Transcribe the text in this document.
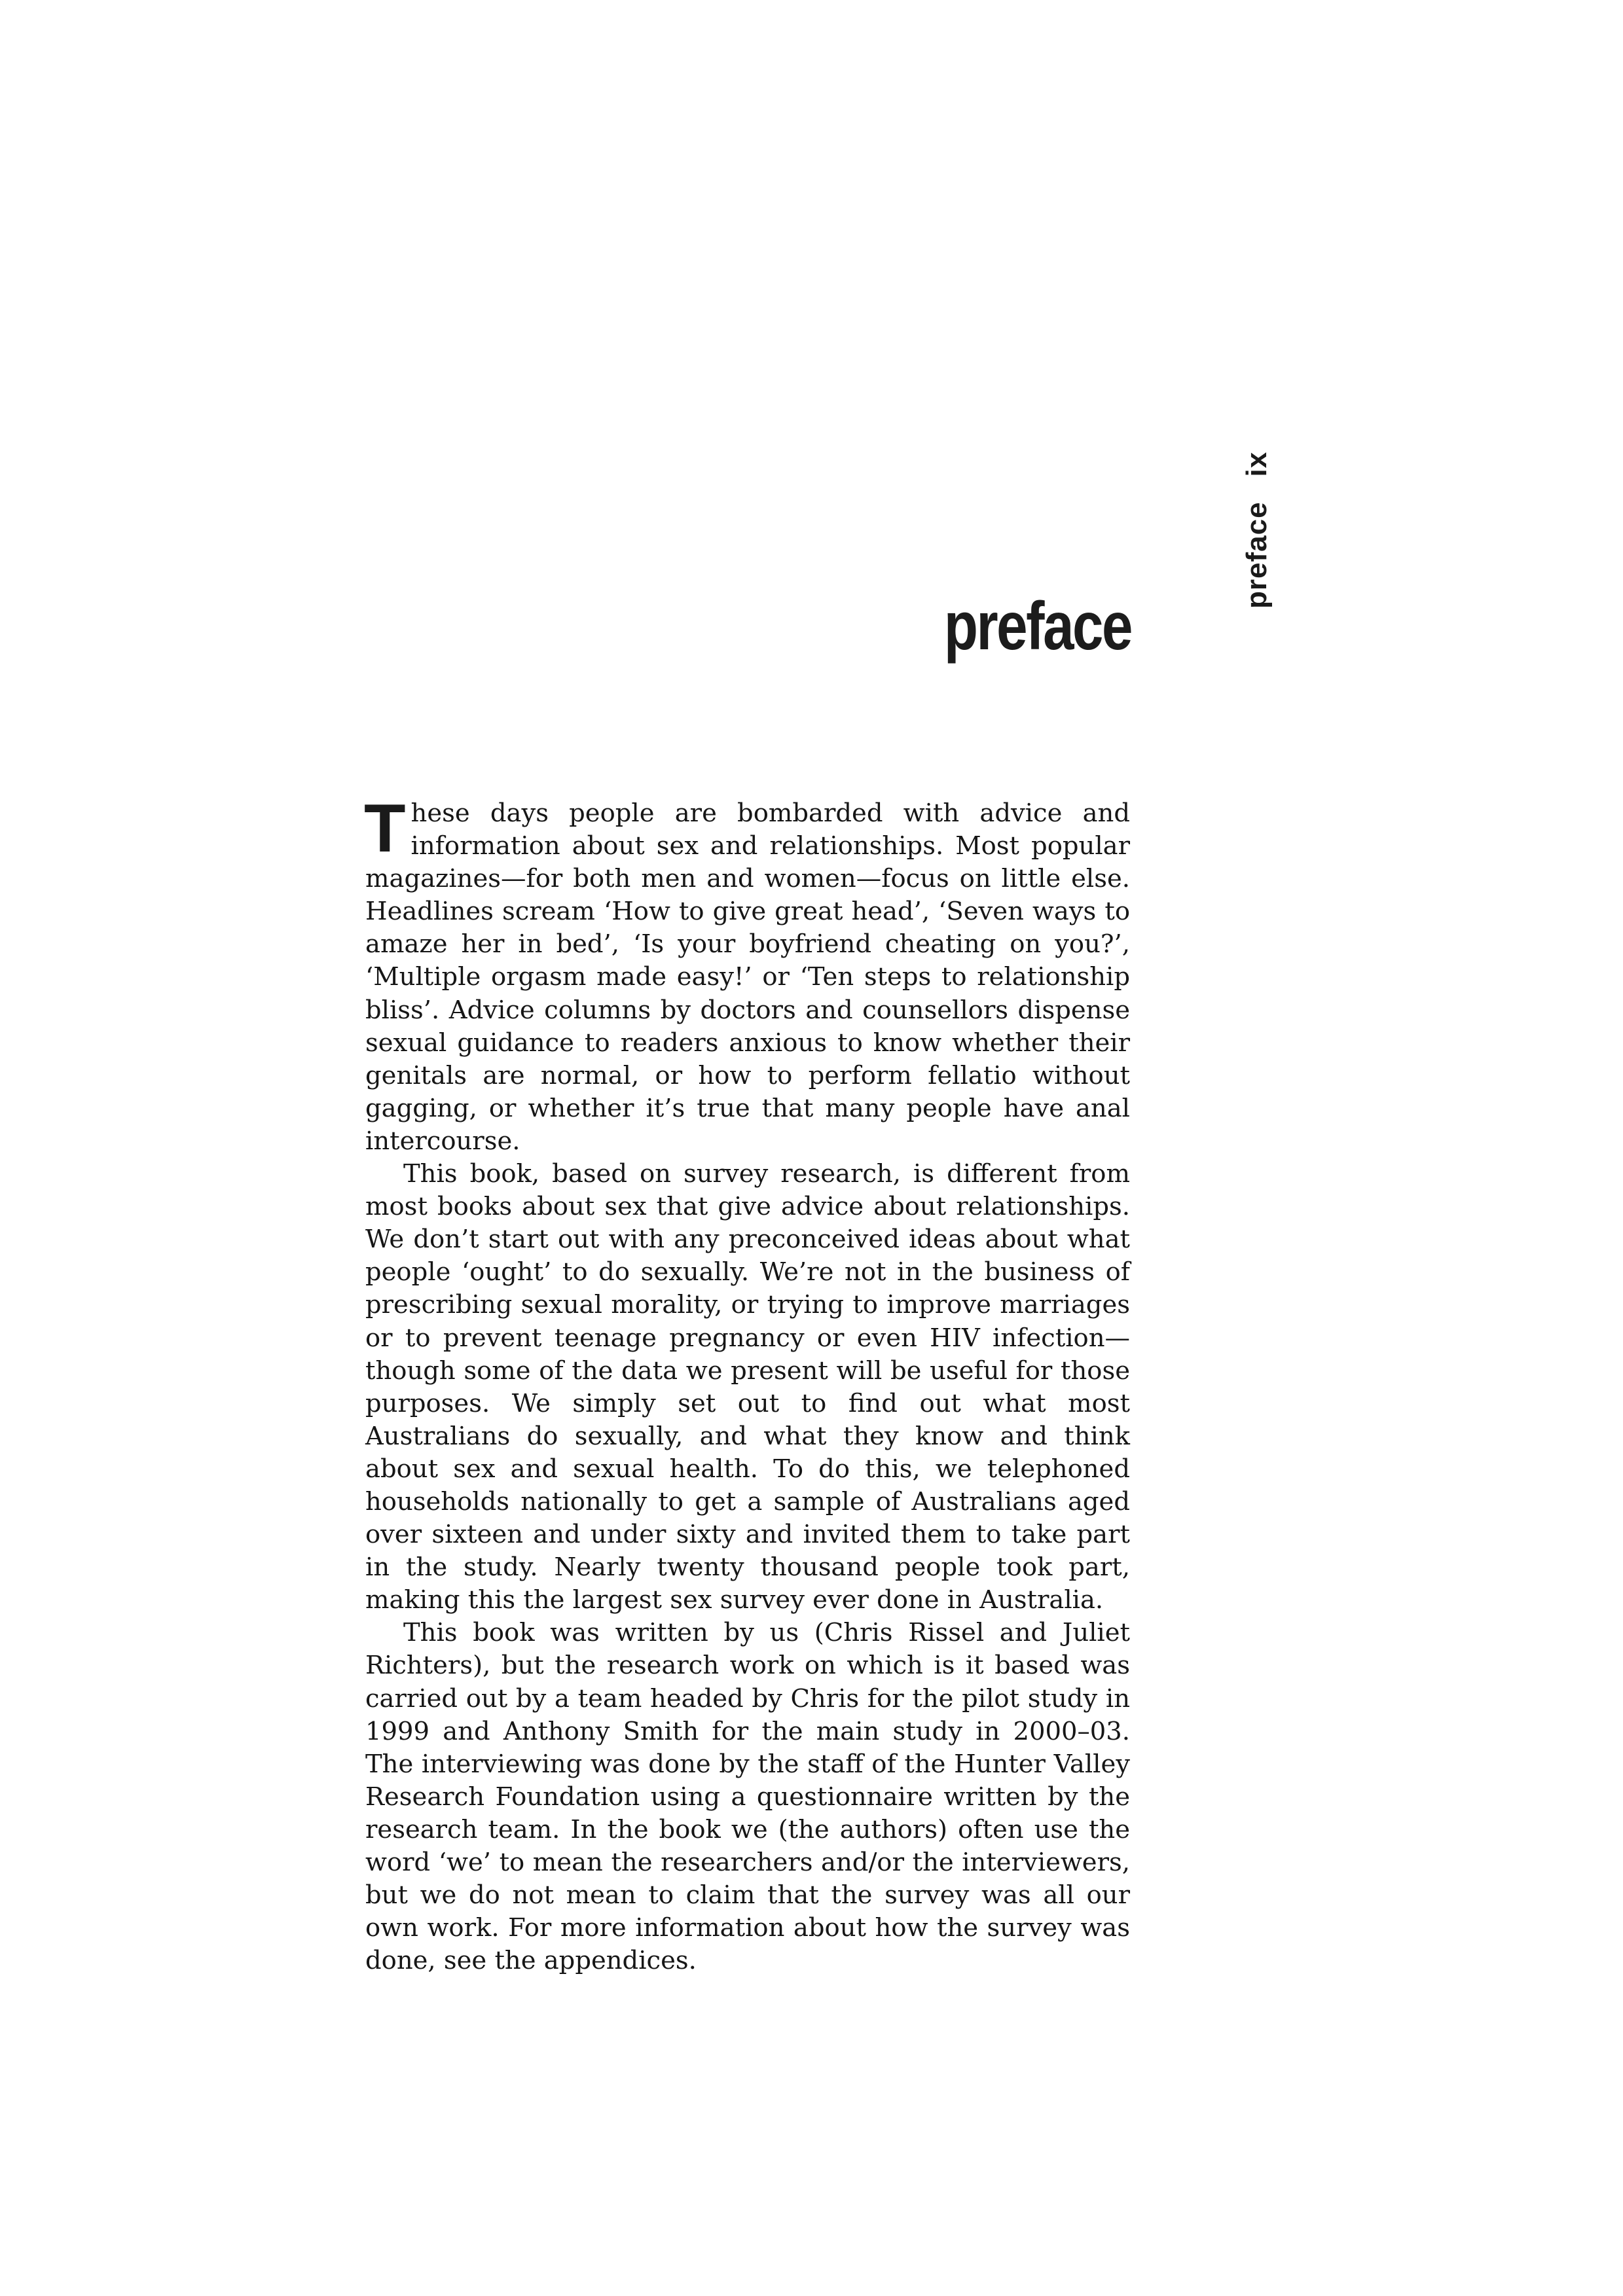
preface
ix
preface

These days people are bombarded with advice and information about sex and relationships. Most popular magazines—for both men and women—focus on little else. Headlines scream ‘How to give great head’, ‘Seven ways to amaze her in bed’, ‘Is your boyfriend cheating on you?’, ‘Multiple orgasm made easy!’ or ‘Ten steps to relationship bliss’. Advice columns by doctors and counsellors dispense sexual guidance to readers anxious to know whether their genitals are normal, or how to perform fellatio without gagging, or whether it’s true that many people have anal intercourse.

This book, based on survey research, is different from most books about sex that give advice about relationships. We don’t start out with any preconceived ideas about what people ‘ought’ to do sexually. We’re not in the business of prescribing sexual morality, or trying to improve marriages or to prevent teenage pregnancy or even HIV infection—though some of the data we present will be useful for those purposes. We simply set out to find out what most Australians do sexually, and what they know and think about sex and sexual health. To do this, we telephoned households nationally to get a sample of Australians aged over sixteen and under sixty and invited them to take part in the study. Nearly twenty thousand people took part, making this the largest sex survey ever done in Australia.

This book was written by us (Chris Rissel and Juliet Richters), but the research work on which is it based was carried out by a team headed by Chris for the pilot study in 1999 and Anthony Smith for the main study in 2000–03. The interviewing was done by the staff of the Hunter Valley Research Foundation using a questionnaire written by the research team. In the book we (the authors) often use the word ‘we’ to mean the researchers and/or the interviewers, but we do not mean to claim that the survey was all our own work. For more information about how the survey was done, see the appendices.
